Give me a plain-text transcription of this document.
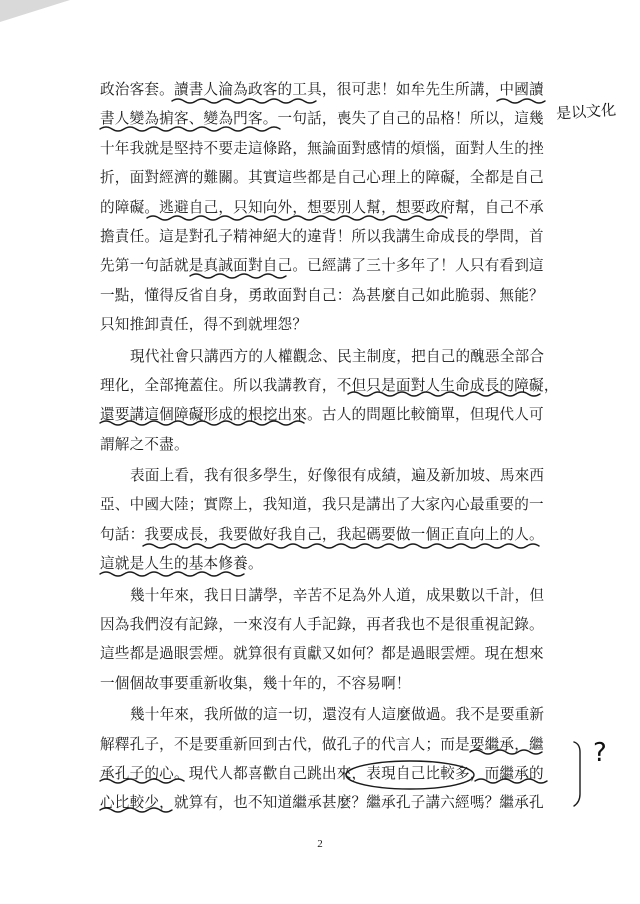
政治客套。讀書人淪為政客的工具，很可悲！如牟先生所講，中國讀
書人變為掮客、變為門客。一句話，喪失了自己的品格！所以，這幾
十年我就是堅持不要走這條路，無論面對感情的煩惱，面對人生的挫
折，面對經濟的難關。其實這些都是自己心理上的障礙，全都是自己
的障礙。逃避自己，只知向外，想要別人幫，想要政府幫，自己不承
擔責任。這是對孔子精神絕大的違背！所以我講生命成長的學問，首
先第一句話就是真誠面對自己。已經講了三十多年了！人只有看到這
一點，懂得反省自身，勇敢面對自己：為甚麼自己如此脆弱、無能？
只知推卸責任，得不到就埋怨？
現代社會只講西方的人權觀念、民主制度，把自己的醜惡全部合
理化，全部掩蓋住。所以我講教育，不但只是面對人生命成長的障礙，
還要講這個障礙形成的根挖出來。古人的問題比較簡單，但現代人可
謂解之不盡。
表面上看，我有很多學生，好像很有成績，遍及新加坡、馬來西
亞、中國大陸；實際上，我知道，我只是講出了大家內心最重要的一
句話：我要成長，我要做好我自己，我起碼要做一個正直向上的人。
這就是人生的基本修養。
幾十年來，我日日講學，辛苦不足為外人道，成果數以千計，但
因為我們沒有記錄，一來沒有人手記錄，再者我也不是很重視記錄。
這些都是過眼雲煙。就算很有貢獻又如何？都是過眼雲煙。現在想來
一個個故事要重新收集，幾十年的，不容易啊！
幾十年來，我所做的這一切，還沒有人這麼做過。我不是要重新
解釋孔子，不是要重新回到古代，做孔子的代言人；而是要繼承，繼
承孔子的心。現代人都喜歡自己跳出來，表現自己比較多，而繼承的
心比較少，就算有，也不知道繼承甚麼？繼承孔子講六經嗎？繼承孔
是以文化
?
2
